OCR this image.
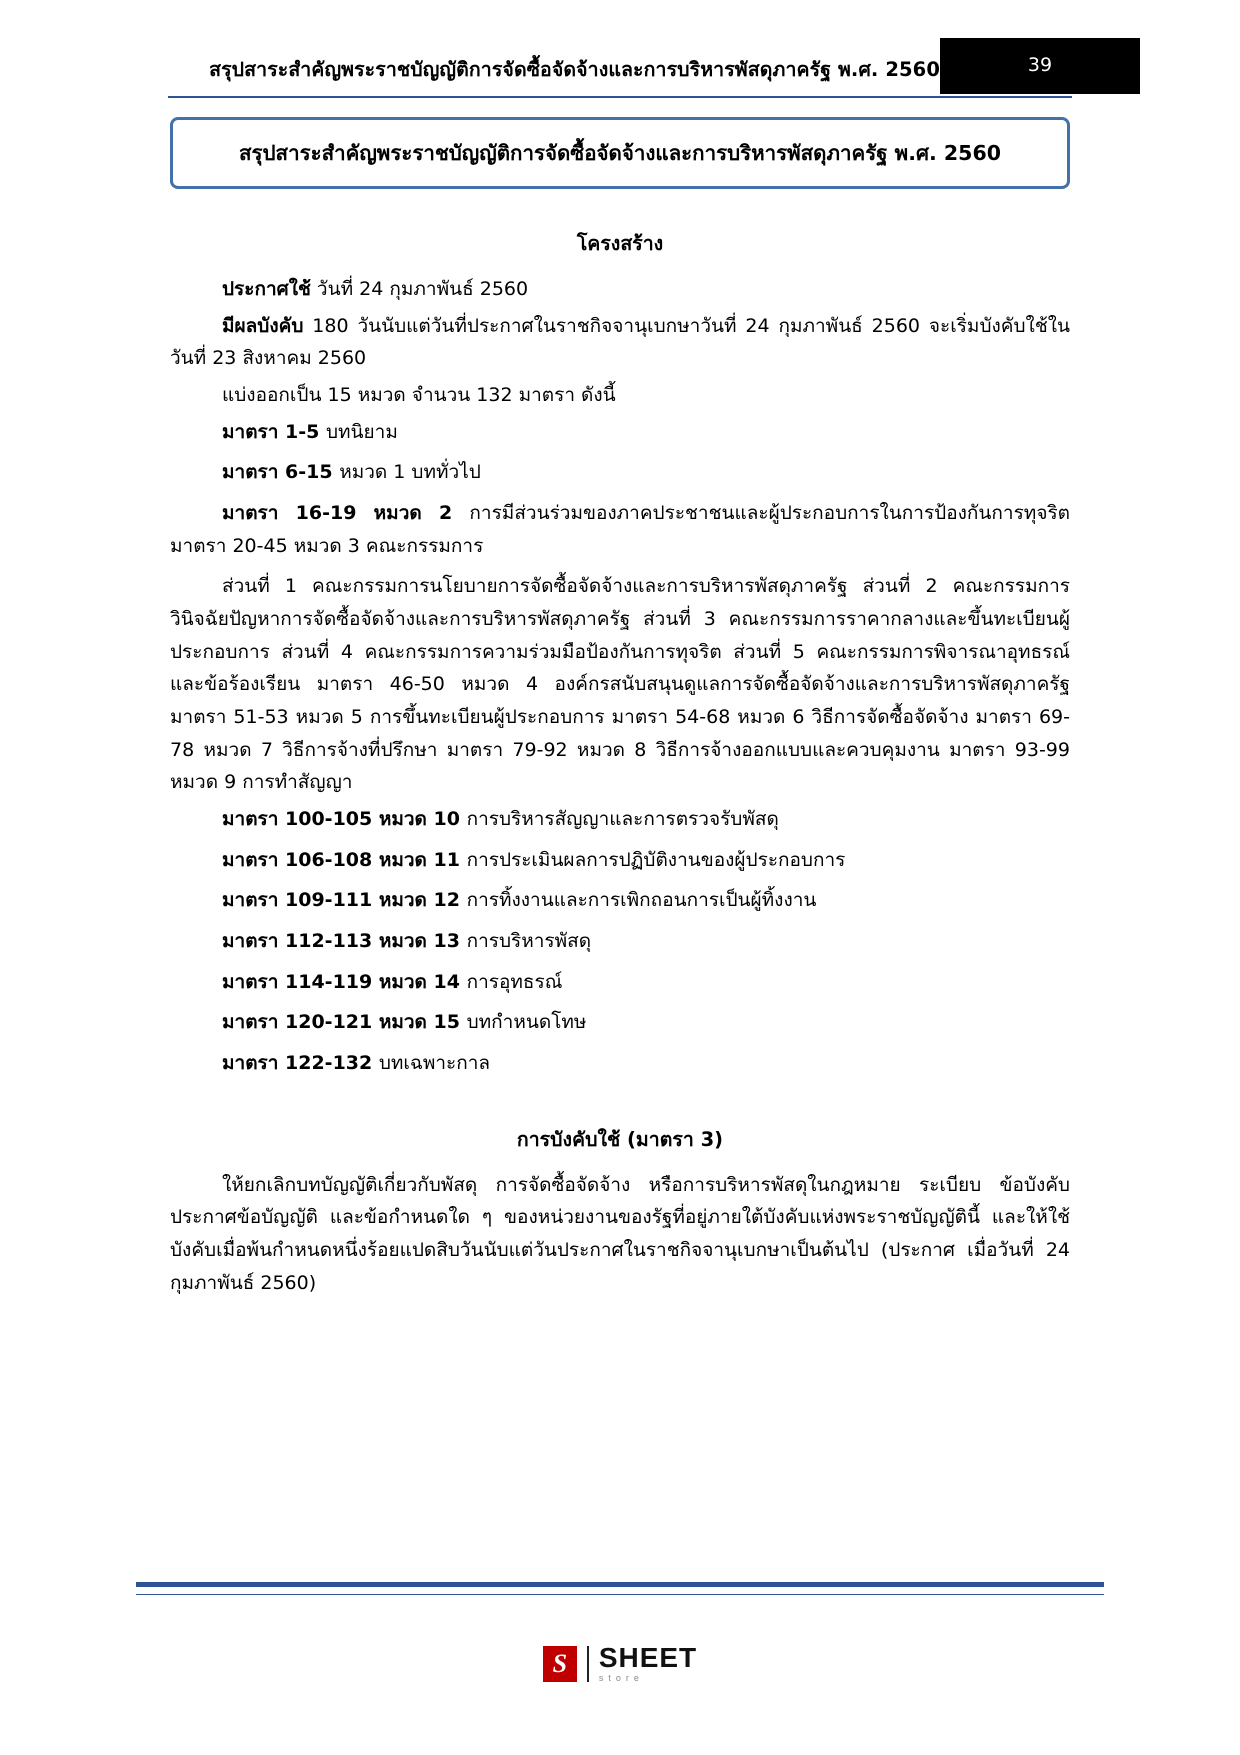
สรุปสาระสำคัญพระราชบัญญัติการจัดซื้อจัดจ้างและการบริหารพัสดุภาครัฐ พ.ศ. 2560	39
สรุปสาระสำคัญพระราชบัญญัติการจัดซื้อจัดจ้างและการบริหารพัสดุภาครัฐ พ.ศ. 2560
โครงสร้าง

ประกาศใช้ วันที่ 24 กุมภาพันธ์ 2560

มีผลบังคับ 180 วันนับแต่วันที่ประกาศในราชกิจจานุเบกษาวันที่ 24 กุมภาพันธ์ 2560 จะเริ่มบังคับใช้ในวันที่ 23 สิงหาคม 2560

แบ่งออกเป็น 15 หมวด จำนวน 132 มาตรา ดังนี้

มาตรา 1-5 บทนิยาม

มาตรา 6-15 หมวด 1 บททั่วไป

มาตรา 16-19 หมวด 2 การมีส่วนร่วมของภาคประชาชนและผู้ประกอบการในการป้องกันการทุจริต มาตรา 20-45 หมวด 3 คณะกรรมการ

ส่วนที่ 1 คณะกรรมการนโยบายการจัดซื้อจัดจ้างและการบริหารพัสดุภาครัฐ ส่วนที่ 2 คณะกรรมการวินิจฉัยปัญหาการจัดซื้อจัดจ้างและการบริหารพัสดุภาครัฐ ส่วนที่ 3 คณะกรรมการราคากลางและขึ้นทะเบียนผู้ประกอบการ ส่วนที่ 4 คณะกรรมการความร่วมมือป้องกันการทุจริต ส่วนที่ 5 คณะกรรมการพิจารณาอุทธรณ์และข้อร้องเรียน มาตรา 46-50 หมวด 4 องค์กรสนับสนุนดูแลการจัดซื้อจัดจ้างและการบริหารพัสดุภาครัฐ มาตรา 51-53 หมวด 5 การขึ้นทะเบียนผู้ประกอบการ มาตรา 54-68 หมวด 6 วิธีการจัดซื้อจัดจ้าง มาตรา 69-78 หมวด 7 วิธีการจ้างที่ปรึกษา มาตรา 79-92 หมวด 8 วิธีการจ้างออกแบบและควบคุมงาน มาตรา 93-99 หมวด 9 การทำสัญญา

มาตรา 100-105 หมวด 10 การบริหารสัญญาและการตรวจรับพัสดุ

มาตรา 106-108 หมวด 11 การประเมินผลการปฏิบัติงานของผู้ประกอบการ

มาตรา 109-111 หมวด 12 การทิ้งงานและการเพิกถอนการเป็นผู้ทิ้งงาน

มาตรา 112-113 หมวด 13 การบริหารพัสดุ

มาตรา 114-119 หมวด 14 การอุทธรณ์

มาตรา 120-121 หมวด 15 บทกำหนดโทษ

มาตรา 122-132 บทเฉพาะกาล

การบังคับใช้ (มาตรา 3)

ให้ยกเลิกบทบัญญัติเกี่ยวกับพัสดุ การจัดซื้อจัดจ้าง หรือการบริหารพัสดุในกฎหมาย ระเบียบ ข้อบังคับประกาศข้อบัญญัติ และข้อกำหนดใด ๆ ของหน่วยงานของรัฐที่อยู่ภายใต้บังคับแห่งพระราชบัญญัตินี้ และให้ใช้บังคับเมื่อพ้นกำหนดหนึ่งร้อยแปดสิบวันนับแต่วันประกาศในราชกิจจานุเบกษาเป็นต้นไป (ประกาศ เมื่อวันที่ 24 กุมภาพันธ์ 2560)

S	SHEET
store
